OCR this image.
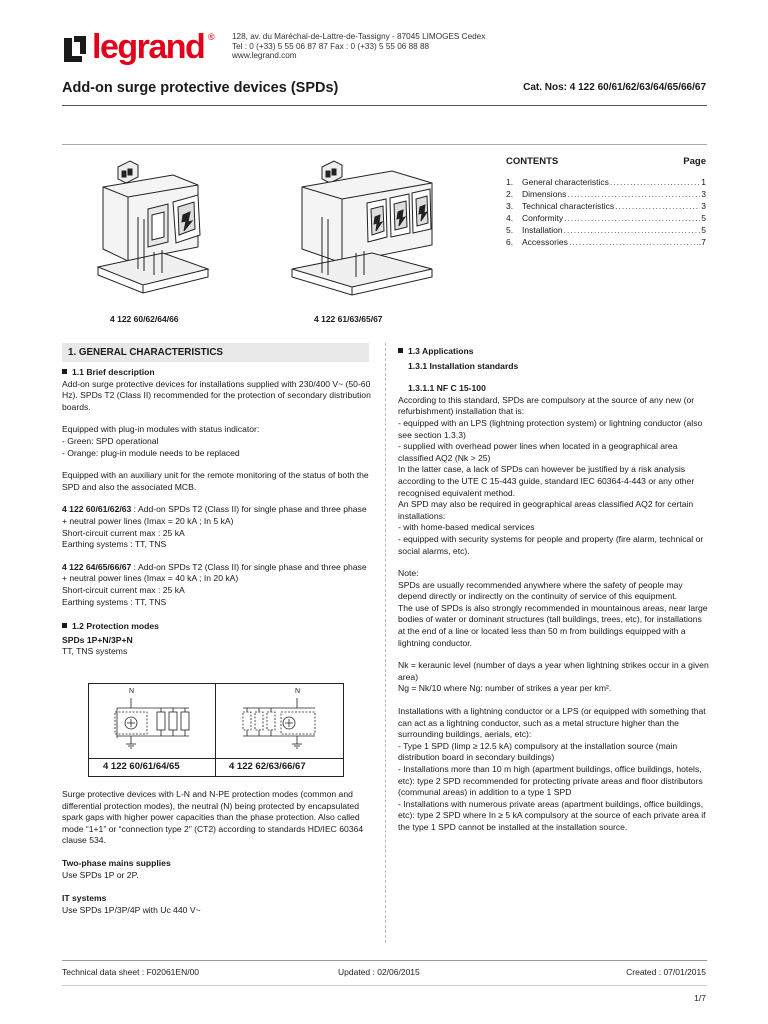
legrand ® 128, av. du Maréchal-de-Lattre-de-Tassigny - 87045 LIMOGES Cedex
Tel : 0 (+33) 5 55 06 87 87 Fax : 0 (+33) 5 55 06 88 88
www.legrand.com
Add-on surge protective devices (SPDs)	Cat. Nos: 4 122 60/61/62/63/64/65/66/67
4 122 60/62/64/66	4 122 61/63/65/67
CONTENTS	Page
1.	General characteristics .....	1
2.	Dimensions .....	3
3.	Technical characteristics .....	3
4.	Conformity .....	5
5.	Installation .....	5
6.	Accessories .....	.7
1. GENERAL CHARACTERISTICS
1.1 Brief description
Add-on surge protective devices for installations supplied with 230/400 V~ (50-60 Hz). SPDs T2 (Class II) recommended for the protection of secondary distribution boards.
Equipped with plug-in modules with status indicator:
- Green: SPD operational
- Orange: plug-in module needs to be replaced
Equipped with an auxiliary unit for the remote monitoring of the status of both the SPD and also the associated MCB.
4 122 60/61/62/63 : Add-on SPDs T2 (Class II) for single phase and three phase + neutral power lines (Imax = 20 kA ; In 5 kA)
Short-circuit current max : 25 kA
Earthing systems : TT, TNS
4 122 64/65/66/67 : Add-on SPDs T2 (Class II) for single phase and three phase + neutral power lines (Imax = 40 kA ; In 20 kA)
Short-circuit current max : 25 kA
Earthing systems : TT, TNS
1.2 Protection modes
SPDs 1P+N/3P+N
TT, TNS systems
N	N
4 122 60/61/64/65	4 122 62/63/66/67
Surge protective devices with L-N and N-PE protection modes (common and differential protection modes), the neutral (N) being protected by encapsulated spark gaps with higher power capacities than the phase protection. Also called mode “1+1” or “connection type 2” (CT2) according to standards HD/IEC 60364 clause 534.
Two-phase mains supplies
Use SPDs 1P or 2P.
IT systems
Use SPDs 1P/3P/4P with Uc 440 V~
1.3 Applications
1.3.1 Installation standards
1.3.1.1 NF C 15-100
According to this standard, SPDs are compulsory at the source of any new (or refurbishment) installation that is:
- equipped with an LPS (lightning protection system) or lightning conductor (also see section 1.3.3)
- supplied with overhead power lines when located in a geographical area classified AQ2 (Nk > 25)
In the latter case, a lack of SPDs can however be justified by a risk analysis according to the UTE C 15-443 guide, standard IEC 60364-4-443 or any other recognised equivalent method.
An SPD may also be required in geographical areas classified AQ2 for certain installations:
- with home-based medical services
- equipped with security systems for people and property (fire alarm, technical or social alarms, etc).
Note:
SPDs are usually recommended anywhere where the safety of people may depend directly or indirectly on the continuity of service of this equipment.
The use of SPDs is also strongly recommended in mountainous areas, near large bodies of water or dominant structures (tall buildings, trees, etc), for installations at the end of a line or located less than 50 m from buildings equipped with a lightning conductor.
Nk = keraunic level (number of days a year when lightning strikes occur in a given area)
Ng = Nk/10 where Ng: number of strikes a year per km².
Installations with a lightning conductor or a LPS (or equipped with something that can act as a lightning conductor, such as a metal structure higher than the surrounding buildings, aerials, etc):
- Type 1 SPD (Iimp ≥ 12.5 kA) compulsory at the installation source (main distribution board in secondary buildings)
- Installations more than 10 m high (apartment buildings, office buildings, hotels, etc): type 2 SPD recommended for protecting private areas and floor distributors (communal areas) in addition to a type 1 SPD
- Installations with numerous private areas (apartment buildings, office buildings, etc): type 2 SPD where In ≥ 5 kA compulsory at the source of each private area if the type 1 SPD cannot be installed at the installation source.
Technical data sheet : F02061EN/00	Updated : 02/06/2015	Created : 07/01/2015
1/7
